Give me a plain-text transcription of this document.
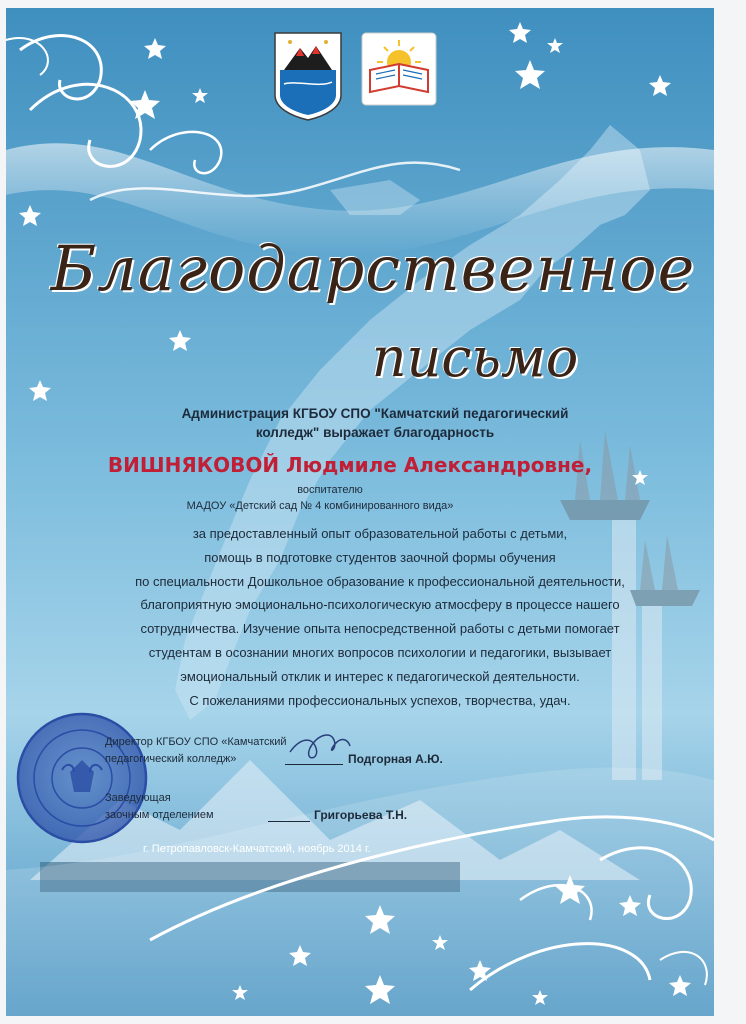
Благодарственное
письмо
Администрация КГБОУ СПО "Камчатский педагогический
колледж" выражает благодарность
ВИШНЯКОВОЙ Людмиле Александровне,
воспитателю
МАДОУ «Детский сад № 4 комбинированного вида»
за предоставленный опыт образовательной работы с детьми,
помощь в подготовке студентов заочной формы обучения
по специальности Дошкольное образование к профессиональной деятельности,
благоприятную эмоционально-психологическую атмосферу в процессе нашего
сотрудничества. Изучение опыта непосредственной работы с детьми помогает
студентам в осознании многих вопросов психологии и педагогики, вызывает
эмоциональный отклик и интерес к педагогической деятельности.
С пожеланиями профессиональных успехов, творчества, удач.
Директор КГБОУ СПО «Камчатский
педагогический колледж»	Подгорная А.Ю.
Заведующая
заочным отделением	Григорьева Т.Н.
г. Петропавловск-Камчатский, ноябрь 2014 г.
